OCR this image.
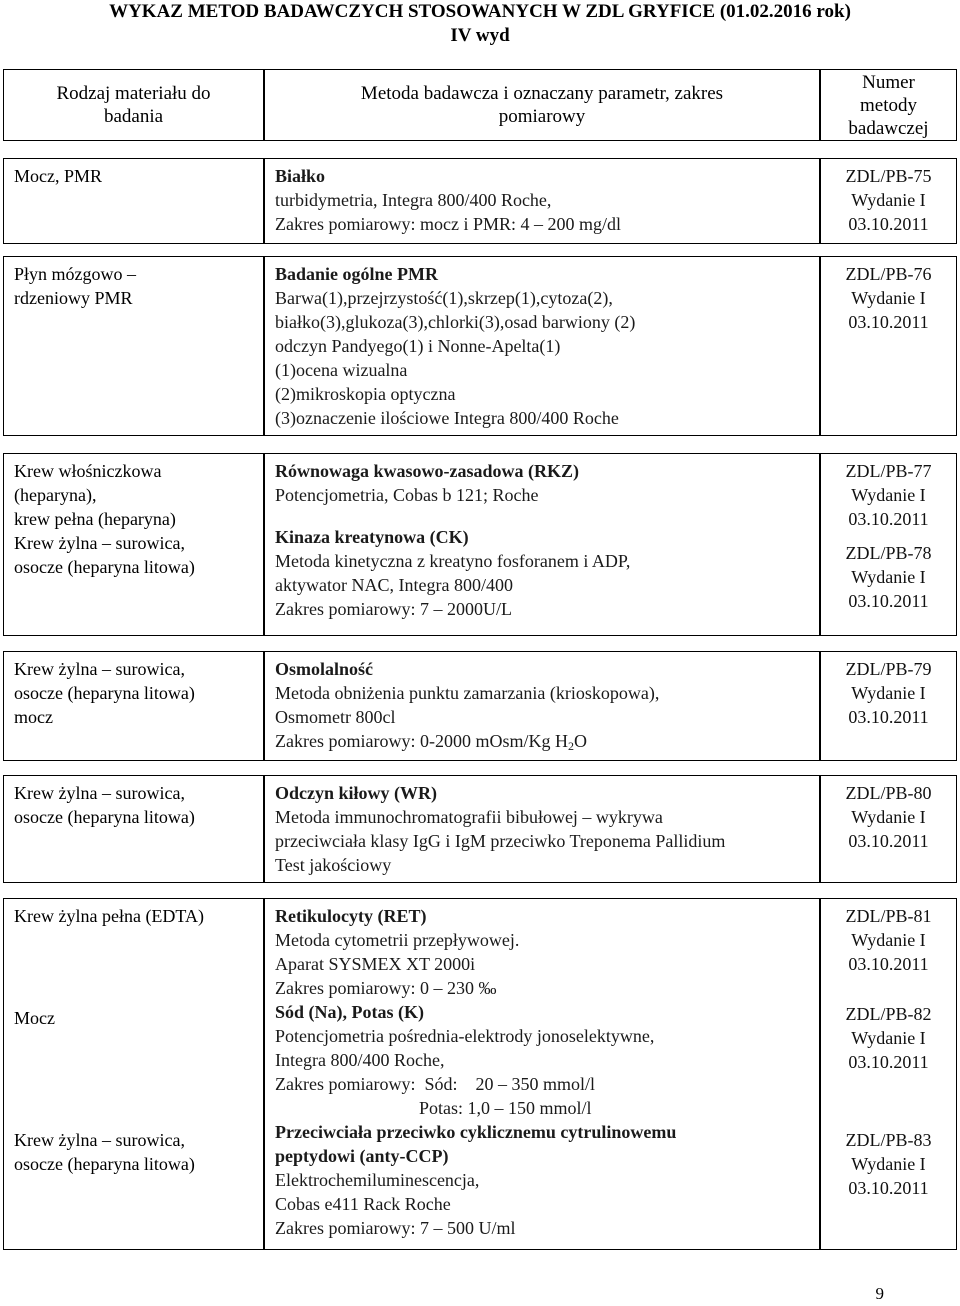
WYKAZ METOD BADAWCZYCH STOSOWANYCH W ZDL GRYFICE (01.02.2016 rok)
IV wyd
Rodzaj materiału do
badania
Metoda badawcza i oznaczany parametr, zakres
pomiarowy
Numer
metody
badawczej
Mocz, PMR	Białko
turbidymetria, Integra 800/400 Roche,
Zakres pomiarowy: mocz i PMR: 4 – 200 mg/dl
ZDL/PB-75
Wydanie I
03.10.2011
Płyn mózgowo –
rdzeniowy PMR
Badanie ogólne PMR
Barwa(1),przejrzystość(1),skrzep(1),cytoza(2),
białko(3),glukoza(3),chlorki(3),osad barwiony (2)
odczyn Pandyego(1) i Nonne-Apelta(1)
(1)ocena wizualna
(2)mikroskopia optyczna
(3)oznaczenie ilościowe Integra 800/400 Roche
ZDL/PB-76
Wydanie I
03.10.2011
Krew włośniczkowa
(heparyna),
krew pełna (heparyna)
Krew żylna – surowica,
osocze (heparyna litowa)
Równowaga kwasowo-zasadowa (RKZ)
Potencjometria, Cobas b 121; Roche
Kinaza kreatynowa (CK)
Metoda kinetyczna z kreatyno fosforanem i ADP,
aktywator NAC, Integra 800/400
Zakres pomiarowy: 7 – 2000U/L
ZDL/PB-77
Wydanie I
03.10.2011
ZDL/PB-78
Wydanie I
03.10.2011
Krew żylna – surowica,
osocze (heparyna litowa)
mocz
Osmolalność
Metoda obniżenia punktu zamarzania (krioskopowa),
Osmometr 800cl
Zakres pomiarowy: 0-2000 mOsm/Kg $H_2O$
ZDL/PB-79
Wydanie I
03.10.2011
Krew żylna – surowica,
osocze (heparyna litowa)
Odczyn kiłowy (WR)
Metoda immunochromatografii bibułowej – wykrywa
przeciwciała klasy IgG i IgM przeciwko Treponema Pallidium
Test jakościowy
ZDL/PB-80
Wydanie I
03.10.2011
Krew żylna pełna (EDTA)
Mocz
Krew żylna – surowica,
osocze (heparyna litowa)
Retikulocyty (RET)
Metoda cytometrii przepływowej.
Aparat SYSMEX XT 2000i
Zakres pomiarowy: 0 – 230 ‰
Sód (Na), Potas (K)
Potencjometria pośrednia-elektrody jonoselektywne,
Integra 800/400 Roche,
Zakres pomiarowy:  Sód:    20 – 350 mmol/l
Potas: 1,0 – 150 mmol/l
Przeciwciała przeciwko cyklicznemu cytrulinowemu
peptydowi (anty-CCP)
Elektrochemiluminescencja,
Cobas e411 Rack Roche
Zakres pomiarowy: 7 – 500 U/ml
ZDL/PB-81
Wydanie I
03.10.2011
ZDL/PB-82
Wydanie I
03.10.2011
ZDL/PB-83
Wydanie I
03.10.2011
9
